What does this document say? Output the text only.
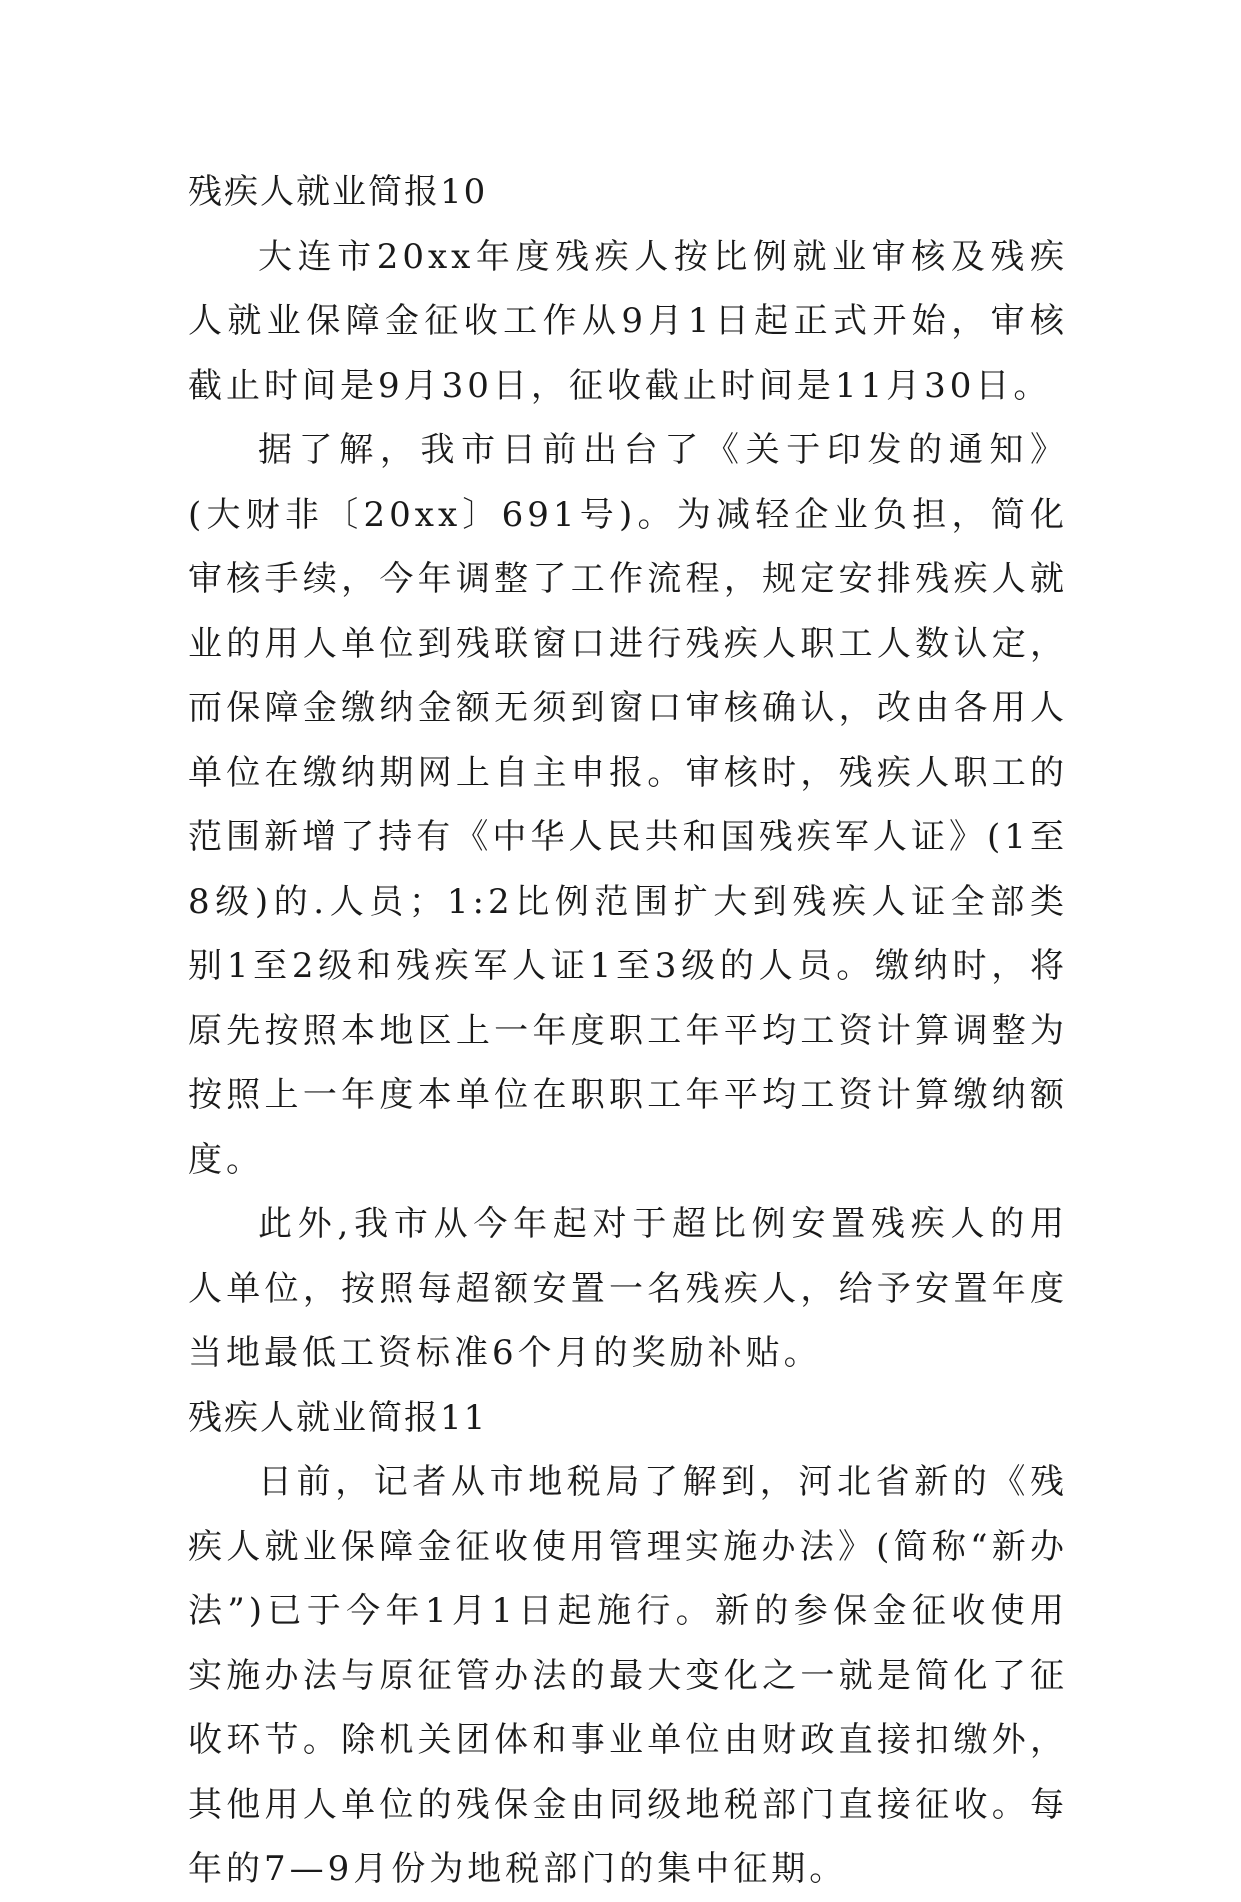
残疾人就业简报10

大连市20xx年度残疾人按比例就业审核及残疾人就业保障金征收工作从9月1日起正式开始，审核截止时间是9月30日，征收截止时间是11月30日。

据了解，我市日前出台了《关于印发的通知》(大财非〔20xx〕691号)。为减轻企业负担，简化审核手续，今年调整了工作流程，规定安排残疾人就业的用人单位到残联窗口进行残疾人职工人数认定，而保障金缴纳金额无须到窗口审核确认，改由各用人单位在缴纳期网上自主申报。审核时，残疾人职工的范围新增了持有《中华人民共和国残疾军人证》(1至8级)的.人员；1:2比例范围扩大到残疾人证全部类别1至2级和残疾军人证1至3级的人员。缴纳时，将原先按照本地区上一年度职工年平均工资计算调整为按照上一年度本单位在职职工年平均工资计算缴纳额度。

此外,我市从今年起对于超比例安置残疾人的用人单位，按照每超额安置一名残疾人，给予安置年度当地最低工资标准6个月的奖励补贴。

残疾人就业简报11

日前，记者从市地税局了解到，河北省新的《残疾人就业保障金征收使用管理实施办法》(简称“新办法”)已于今年1月1日起施行。新的参保金征收使用实施办法与原征管办法的最大变化之一就是简化了征收环节。除机关团体和事业单位由财政直接扣缴外，其他用人单位的残保金由同级地税部门直接征收。每年的7—9月份为地税部门的集中征期。
